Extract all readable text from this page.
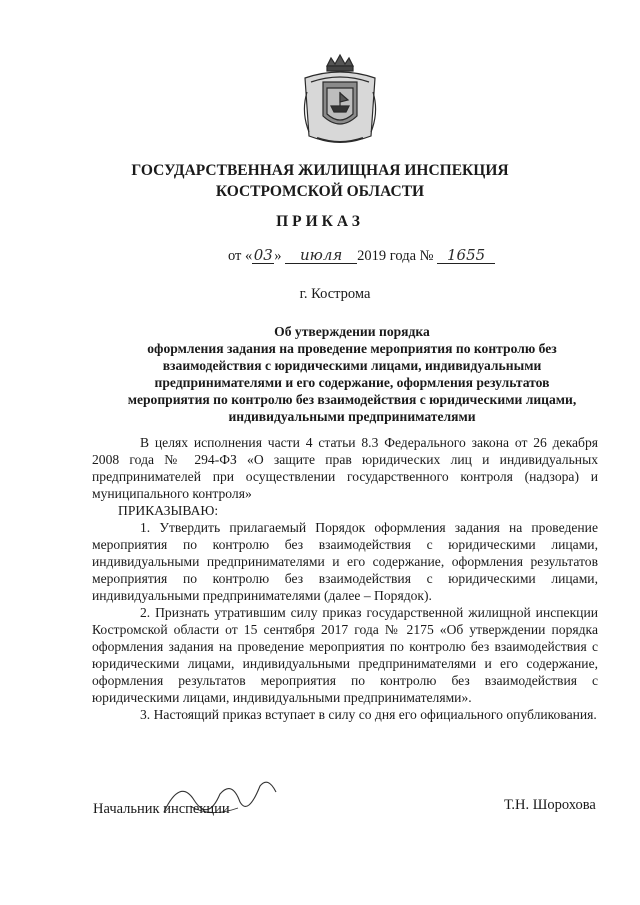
ГОСУДАРСТВЕННАЯ ЖИЛИЩНАЯ ИНСПЕКЦИЯ
КОСТРОМСКОЙ ОБЛАСТИ
ПРИКАЗ
от «03» июля 2019 года № 1655
г. Кострома
Об утверждении порядка
оформления задания на проведение мероприятия по контролю без
взаимодействия с юридическими лицами, индивидуальными
предпринимателями и его содержание, оформления результатов
мероприятия по контролю без взаимодействия с юридическими лицами,
индивидуальными предпринимателями

В целях исполнения части 4 статьи 8.3 Федерального закона от 26 декабря 2008 года № 294-ФЗ «О защите прав юридических лиц и индивидуальных предпринимателей при осуществлении государственного контроля (надзора) и муниципального контроля»

ПРИКАЗЫВАЮ:

1. Утвердить прилагаемый Порядок оформления задания на проведение мероприятия по контролю без взаимодействия с юридическими лицами, индивидуальными предпринимателями и его содержание, оформления результатов мероприятия по контролю без взаимодействия с юридическими лицами, индивидуальными предпринимателями (далее – Порядок).

2. Признать утратившим силу приказ государственной жилищной инспекции Костромской области от 15 сентября 2017 года № 2175 «Об утверждении порядка оформления задания на проведение мероприятия по контролю без взаимодействия с юридическими лицами, индивидуальными предпринимателями и его содержание, оформления результатов мероприятия по контролю без взаимодействия с юридическими лицами, индивидуальными предпринимателями».

3. Настоящий приказ вступает в силу со дня его официального опубликования.

Начальник инспекции	Т.Н. Шорохова
